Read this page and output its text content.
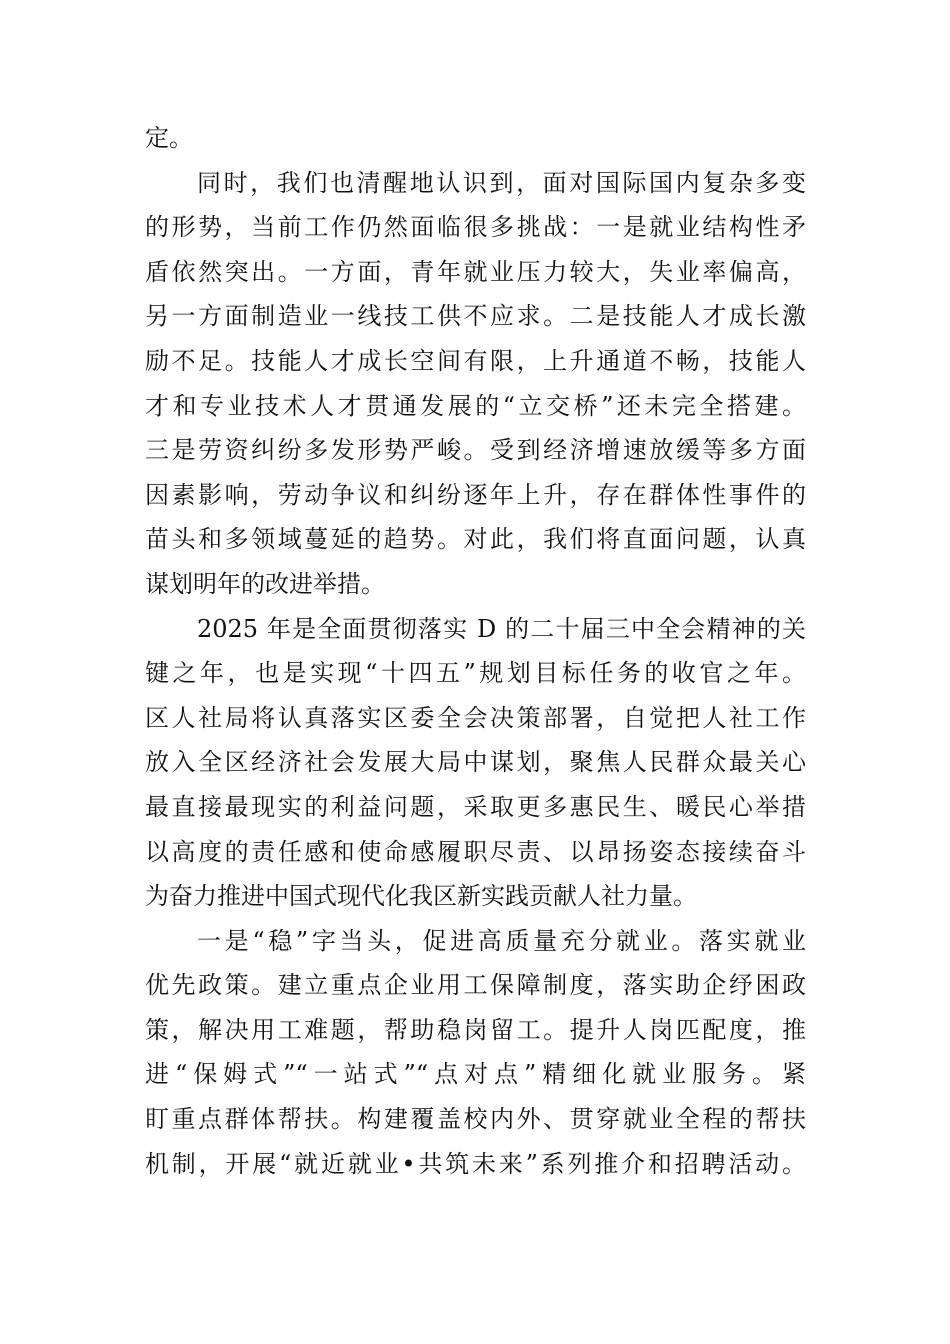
定。
同时，我们也清醒地认识到，面对国际国内复杂多变
的形势，当前工作仍然面临很多挑战：一是就业结构性矛
盾依然突出。一方面，青年就业压力较大，失业率偏高，
另一方面制造业一线技工供不应求。二是技能人才成长激
励不足。技能人才成长空间有限，上升通道不畅，技能人
才和专业技术人才贯通发展的“立交桥”还未完全搭建。
三是劳资纠纷多发形势严峻。受到经济增速放缓等多方面
因素影响，劳动争议和纠纷逐年上升，存在群体性事件的
苗头和多领域蔓延的趋势。对此，我们将直面问题，认真
谋划明年的改进举措。
2025 年是全面贯彻落实 D 的二十届三中全会精神的关
键之年，也是实现“十四五”规划目标任务的收官之年。
区人社局将认真落实区委全会决策部署，自觉把人社工作
放入全区经济社会发展大局中谋划，聚焦人民群众最关心
最直接最现实的利益问题，采取更多惠民生、暖民心举措
以高度的责任感和使命感履职尽责、以昂扬姿态接续奋斗
为奋力推进中国式现代化我区新实践贡献人社力量。
一是“稳”字当头，促进高质量充分就业。落实就业
优先政策。建立重点企业用工保障制度，落实助企纾困政
策，解决用工难题，帮助稳岗留工。提升人岗匹配度，推
进“保姆式”“一站式”“点对点”精细化就业服务。紧
盯重点群体帮扶。构建覆盖校内外、贯穿就业全程的帮扶
机制，开展“就近就业•共筑未来”系列推介和招聘活动。
